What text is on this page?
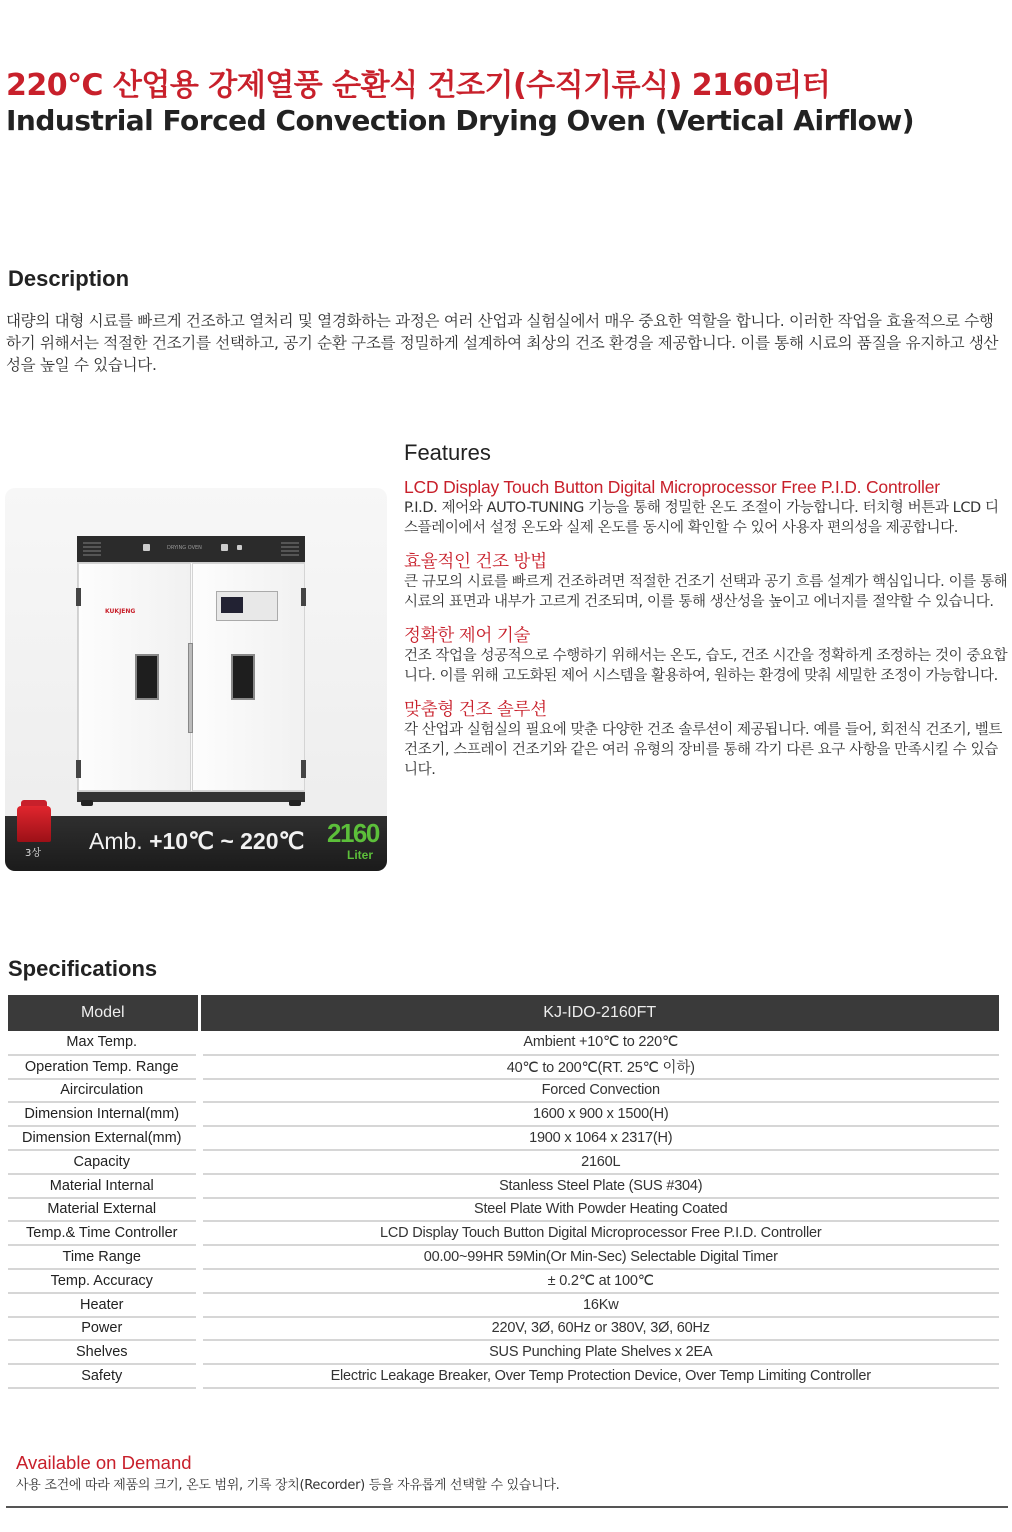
220℃ 산업용 강제열풍 순환식 건조기(수직기류식) 2160리터
Industrial Forced Convection Drying Oven (Vertical Airflow)
Description

대량의 대형 시료를 빠르게 건조하고 열처리 및 열경화하는 과정은 여러 산업과 실험실에서 매우 중요한 역할을 합니다. 이러한 작업을 효율적으로 수행하기 위해서는 적절한 건조기를 선택하고, 공기 순환 구조를 정밀하게 설계하여 최상의 건조 환경을 제공합니다. 이를 통해 시료의 품질을 유지하고 생산성을 높일 수 있습니다.

DRYING OVEN
KUKJENG
3상 Amb. +10℃ ~ 220℃ 2160
Liter
Features
LCD Display Touch Button Digital Microprocessor Free P.I.D. Controller
P.I.D. 제어와 AUTO-TUNING 기능을 통해 정밀한 온도 조절이 가능합니다. 터치형 버튼과 LCD 디스플레이에서 설정 온도와 실제 온도를 동시에 확인할 수 있어 사용자 편의성을 제공합니다.
효율적인 건조 방법
큰 규모의 시료를 빠르게 건조하려면 적절한 건조기 선택과 공기 흐름 설계가 핵심입니다. 이를 통해 시료의 표면과 내부가 고르게 건조되며, 이를 통해 생산성을 높이고 에너지를 절약할 수 있습니다.
정확한 제어 기술
건조 작업을 성공적으로 수행하기 위해서는 온도, 습도, 건조 시간을 정확하게 조정하는 것이 중요합니다. 이를 위해 고도화된 제어 시스템을 활용하여, 원하는 환경에 맞춰 세밀한 조정이 가능합니다.
맞춤형 건조 솔루션
각 산업과 실험실의 필요에 맞춘 다양한 건조 솔루션이 제공됩니다. 예를 들어, 회전식 건조기, 벨트 건조기, 스프레이 건조기와 같은 여러 유형의 장비를 통해 각기 다른 요구 사항을 만족시킬 수 있습니다.
Specifications
Model	KJ-IDO-2160FT
Max Temp.	Ambient +10℃ to 220℃
Operation Temp. Range	40℃ to 200℃(RT. 25℃ 이하)
Aircirculation	Forced Convection
Dimension Internal(mm)	1600 x 900 x 1500(H)
Dimension External(mm)	1900 x 1064 x 2317(H)
Capacity	2160L
Material Internal	Stanless Steel Plate (SUS #304)
Material External	Steel Plate With Powder Heating Coated
Temp.& Time Controller	LCD Display Touch Button Digital Microprocessor Free P.I.D. Controller
Time Range	00.00~99HR 59Min(Or Min-Sec) Selectable Digital Timer
Temp. Accuracy	± 0.2℃ at 100℃
Heater	16Kw
Power	220V, 3Ø, 60Hz or 380V, 3Ø, 60Hz
Shelves	SUS Punching Plate Shelves x 2EA
Safety	Electric Leakage Breaker, Over Temp Protection Device, Over Temp Limiting Controller
Available on Demand
사용 조건에 따라 제품의 크기, 온도 범위, 기록 장치(Recorder) 등을 자유롭게 선택할 수 있습니다.
